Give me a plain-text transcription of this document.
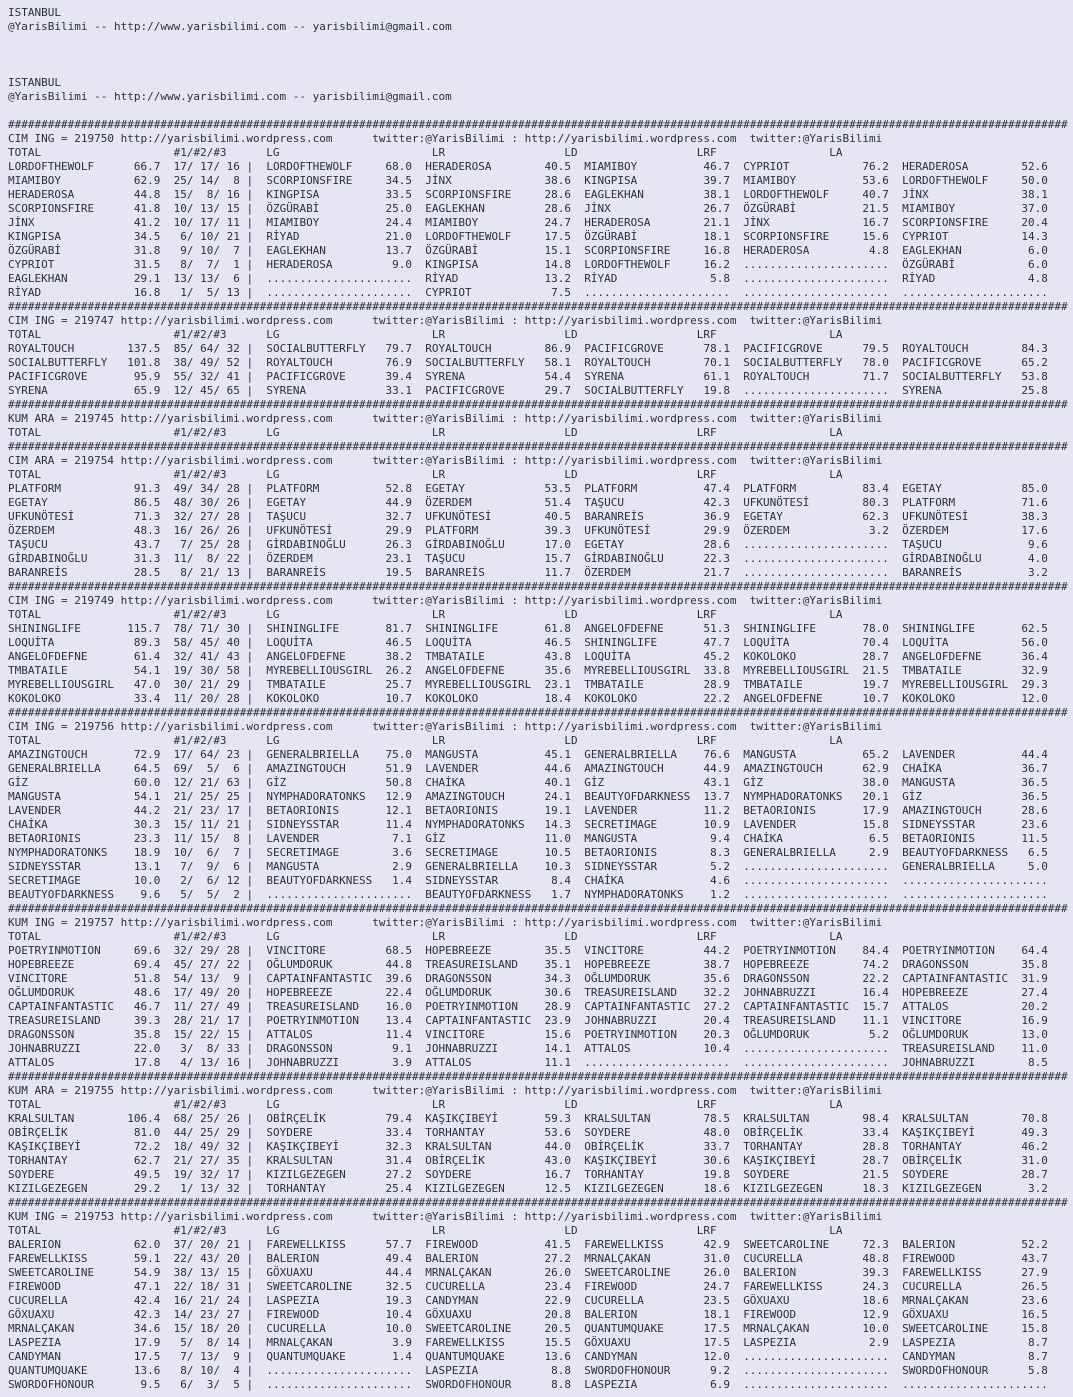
ISTANBUL
@YarisBilimi -- http://www.yarisbilimi.com -- yarisbilimi@gmail.com

ISTANBUL
@YarisBilimi -- http://www.yarisbilimi.com -- yarisbilimi@gmail.com

################################################################################################################################################################
CIM ING = 219750 http://yarisbilimi.wordpress.com      twitter:@YarisBilimi : http://yarisbilimi.wordpress.com  twitter:@YarisBilimi
TOTAL                    #1/#2/#3      LG                       LR                  LD                  LRF                 LA
LORDOFTHEWOLF      66.7  17/ 17/ 16 |  LORDOFTHEWOLF     68.0  HERADEROSA        40.5  MIAMIBOY          46.7  CYPRIOT           76.2  HERADEROSA        52.6
MIAMIBOY           62.9  25/ 14/  8 |  SCORPIONSFIRE     34.5  JİNX              38.6  KINGPISA          39.7  MIAMIBOY          53.6  LORDOFTHEWOLF     50.0
HERADEROSA         44.8  15/  8/ 16 |  KINGPISA          33.5  SCORPIONSFIRE     28.6  EAGLEKHAN         38.1  LORDOFTHEWOLF     40.7  JİNX              38.1
SCORPIONSFIRE      41.8  10/ 13/ 15 |  ÖZGÜRABİ          25.0  EAGLEKHAN         28.6  JİNX              26.7  ÖZGÜRABİ          21.5  MIAMIBOY          37.0
JİNX               41.2  10/ 17/ 11 |  MIAMIBOY          24.4  MIAMIBOY          24.7  HERADEROSA        21.1  JİNX              16.7  SCORPIONSFIRE     20.4
KINGPISA           34.5   6/ 10/ 21 |  RİYAD             21.0  LORDOFTHEWOLF     17.5  ÖZGÜRABİ          18.1  SCORPIONSFIRE     15.6  CYPRIOT           14.3
ÖZGÜRABİ           31.8   9/ 10/  7 |  EAGLEKHAN         13.7  ÖZGÜRABİ          15.1  SCORPIONSFIRE     16.8  HERADEROSA         4.8  EAGLEKHAN          6.0
CYPRIOT            31.5   8/  7/  1 |  HERADEROSA         9.0  KINGPISA          14.8  LORDOFTHEWOLF     16.2  ......................  ÖZGÜRABİ           6.0
EAGLEKHAN          29.1  13/ 13/  6 |  ......................  RİYAD             13.2  RİYAD              5.8  ......................  RİYAD              4.8
RİYAD              16.8   1/  5/ 13 |  ......................  CYPRIOT            7.5  ......................  ......................  ......................
################################################################################################################################################################
CIM ING = 219747 http://yarisbilimi.wordpress.com      twitter:@YarisBilimi : http://yarisbilimi.wordpress.com  twitter:@YarisBilimi
TOTAL                    #1/#2/#3      LG                       LR                  LD                  LRF                 LA
ROYALTOUCH        137.5  85/ 64/ 32 |  SOCIALBUTTERFLY   79.7  ROYALTOUCH        86.9  PACIFICGROVE      78.1  PACIFICGROVE      79.5  ROYALTOUCH        84.3
SOCIALBUTTERFLY   101.8  38/ 49/ 52 |  ROYALTOUCH        76.9  SOCIALBUTTERFLY   58.1  ROYALTOUCH        70.1  SOCIALBUTTERFLY   78.0  PACIFICGROVE      65.2
PACIFICGROVE       95.9  55/ 32/ 41 |  PACIFICGROVE      39.4  SYRENA            54.4  SYRENA            61.1  ROYALTOUCH        71.7  SOCIALBUTTERFLY   53.8
SYRENA             65.9  12/ 45/ 65 |  SYRENA            33.1  PACIFICGROVE      29.7  SOCIALBUTTERFLY   19.8  ......................  SYRENA            25.8
################################################################################################################################################################
KUM ARA = 219745 http://yarisbilimi.wordpress.com      twitter:@YarisBilimi : http://yarisbilimi.wordpress.com  twitter:@YarisBilimi
TOTAL                    #1/#2/#3      LG                       LR                  LD                  LRF                 LA
################################################################################################################################################################
CIM ARA = 219754 http://yarisbilimi.wordpress.com      twitter:@YarisBilimi : http://yarisbilimi.wordpress.com  twitter:@YarisBilimi
TOTAL                    #1/#2/#3      LG                       LR                  LD                  LRF                 LA
PLATFORM           91.3  49/ 34/ 28 |  PLATFORM          52.8  EGETAY            53.5  PLATFORM          47.4  PLATFORM          83.4  EGETAY            85.0
EGETAY             86.5  48/ 30/ 26 |  EGETAY            44.9  ÖZERDEM           51.4  TAŞUCU            42.3  UFKUNÖTESİ        80.3  PLATFORM          71.6
UFKUNÖTESİ         71.3  32/ 27/ 28 |  TAŞUCU            32.7  UFKUNÖTESİ        40.5  BARANREİS         36.9  EGETAY            62.3  UFKUNÖTESİ        38.3
ÖZERDEM            48.3  16/ 26/ 26 |  UFKUNÖTESİ        29.9  PLATFORM          39.3  UFKUNÖTESİ        29.9  ÖZERDEM            3.2  ÖZERDEM           17.6
TAŞUCU             43.7   7/ 25/ 28 |  GİRDABINOĞLU      26.3  GİRDABINOĞLU      17.0  EGETAY            28.6  ......................  TAŞUCU             9.6
GİRDABINOĞLU       31.3  11/  8/ 22 |  ÖZERDEM           23.1  TAŞUCU            15.7  GİRDABINOĞLU      22.3  ......................  GİRDABINOĞLU       4.0
BARANREİS          28.5   8/ 21/ 13 |  BARANREİS         19.5  BARANREİS         11.7  ÖZERDEM           21.7  ......................  BARANREİS          3.2
################################################################################################################################################################
CIM ING = 219749 http://yarisbilimi.wordpress.com      twitter:@YarisBilimi : http://yarisbilimi.wordpress.com  twitter:@YarisBilimi
TOTAL                    #1/#2/#3      LG                       LR                  LD                  LRF                 LA
SHININGLIFE       115.7  78/ 71/ 30 |  SHININGLIFE       81.7  SHININGLIFE       61.8  ANGELOFDEFNE      51.3  SHININGLIFE       78.0  SHININGLIFE       62.5
LOQUİTA            89.3  58/ 45/ 40 |  LOQUİTA           46.5  LOQUİTA           46.5  SHININGLIFE       47.7  LOQUİTA           70.4  LOQUİTA           56.0
ANGELOFDEFNE       61.4  32/ 41/ 43 |  ANGELOFDEFNE      38.2  TMBATAILE         43.8  LOQUİTA           45.2  KOKOLOKO          28.7  ANGELOFDEFNE      36.4
TMBATAILE          54.1  19/ 30/ 58 |  MYREBELLIOUSGIRL  26.2  ANGELOFDEFNE      35.6  MYREBELLIOUSGIRL  33.8  MYREBELLIOUSGIRL  21.5  TMBATAILE         32.9
MYREBELLIOUSGIRL   47.0  30/ 21/ 29 |  TMBATAILE         25.7  MYREBELLIOUSGIRL  23.1  TMBATAILE         28.9  TMBATAILE         19.7  MYREBELLIOUSGIRL  29.3
KOKOLOKO           33.4  11/ 20/ 28 |  KOKOLOKO          10.7  KOKOLOKO          18.4  KOKOLOKO          22.2  ANGELOFDEFNE      10.7  KOKOLOKO          12.0
################################################################################################################################################################
CIM ING = 219756 http://yarisbilimi.wordpress.com      twitter:@YarisBilimi : http://yarisbilimi.wordpress.com  twitter:@YarisBilimi
TOTAL                    #1/#2/#3      LG                       LR                  LD                  LRF                 LA
AMAZINGTOUCH       72.9  17/ 64/ 23 |  GENERALBRIELLA    75.0  MANGUSTA          45.1  GENERALBRIELLA    76.6  MANGUSTA          65.2  LAVENDER          44.4
GENERALBRIELLA     64.5  69/  5/  6 |  AMAZINGTOUCH      51.9  LAVENDER          44.6  AMAZINGTOUCH      44.9  AMAZINGTOUCH      62.9  CHAİKA            36.7
GİZ                60.0  12/ 21/ 63 |  GİZ               50.8  CHAİKA            40.1  GİZ               43.1  GİZ               38.0  MANGUSTA          36.5
MANGUSTA           54.1  21/ 25/ 25 |  NYMPHADORATONKS   12.9  AMAZINGTOUCH      24.1  BEAUTYOFDARKNESS  13.7  NYMPHADORATONKS   20.1  GİZ               36.5
LAVENDER           44.2  21/ 23/ 17 |  BETAORIONIS       12.1  BETAORIONIS       19.1  LAVENDER          11.2  BETAORIONIS       17.9  AMAZINGTOUCH      28.6
CHAİKA             30.3  15/ 11/ 21 |  SIDNEYSSTAR       11.4  NYMPHADORATONKS   14.3  SECRETIMAGE       10.9  LAVENDER          15.8  SIDNEYSSTAR       23.6
BETAORIONIS        23.3  11/ 15/  8 |  LAVENDER           7.1  GİZ               11.0  MANGUSTA           9.4  CHAİKA             6.5  BETAORIONIS       11.5
NYMPHADORATONKS    18.9  10/  6/  7 |  SECRETIMAGE        3.6  SECRETIMAGE       10.5  BETAORIONIS        8.3  GENERALBRIELLA     2.9  BEAUTYOFDARKNESS   6.5
SIDNEYSSTAR        13.1   7/  9/  6 |  MANGUSTA           2.9  GENERALBRIELLA    10.3  SIDNEYSSTAR        5.2  ......................  GENERALBRIELLA     5.0
SECRETIMAGE        10.0   2/  6/ 12 |  BEAUTYOFDARKNESS   1.4  SIDNEYSSTAR        8.4  CHAİKA             4.6  ......................  ......................
BEAUTYOFDARKNESS    9.6   5/  5/  2 |  ......................  BEAUTYOFDARKNESS   1.7  NYMPHADORATONKS    1.2  ......................  ......................
################################################################################################################################################################
KUM ING = 219757 http://yarisbilimi.wordpress.com      twitter:@YarisBilimi : http://yarisbilimi.wordpress.com  twitter:@YarisBilimi
TOTAL                    #1/#2/#3      LG                       LR                  LD                  LRF                 LA
POETRYINMOTION     69.6  32/ 29/ 28 |  VINCITORE         68.5  HOPEBREEZE        35.5  VINCITORE         44.2  POETRYINMOTION    84.4  POETRYINMOTION    64.4
HOPEBREEZE         69.4  45/ 27/ 22 |  OĞLUMDORUK        44.8  TREASUREISLAND    35.1  HOPEBREEZE        38.7  HOPEBREEZE        74.2  DRAGONSSON        35.8
VINCITORE          51.8  54/ 13/  9 |  CAPTAINFANTASTIC  39.6  DRAGONSSON        34.3  OĞLUMDORUK        35.6  DRAGONSSON        22.2  CAPTAINFANTASTIC  31.9
OĞLUMDORUK         48.6  17/ 49/ 20 |  HOPEBREEZE        22.4  OĞLUMDORUK        30.6  TREASUREISLAND    32.2  JOHNABRUZZI       16.4  HOPEBREEZE        27.4
CAPTAINFANTASTIC   46.7  11/ 27/ 49 |  TREASUREISLAND    16.0  POETRYINMOTION    28.9  CAPTAINFANTASTIC  27.2  CAPTAINFANTASTIC  15.7  ATTALOS           20.2
TREASUREISLAND     39.3  28/ 21/ 17 |  POETRYINMOTION    13.4  CAPTAINFANTASTIC  23.9  JOHNABRUZZI       20.4  TREASUREISLAND    11.1  VINCITORE         16.9
DRAGONSSON         35.8  15/ 22/ 15 |  ATTALOS           11.4  VINCITORE         15.6  POETRYINMOTION    20.3  OĞLUMDORUK         5.2  OĞLUMDORUK        13.0
JOHNABRUZZI        22.0   3/  8/ 33 |  DRAGONSSON         9.1  JOHNABRUZZI       14.1  ATTALOS           10.4  ......................  TREASUREISLAND    11.0
ATTALOS            17.8   4/ 13/ 16 |  JOHNABRUZZI        3.9  ATTALOS           11.1  ......................  ......................  JOHNABRUZZI        8.5
################################################################################################################################################################
KUM ARA = 219755 http://yarisbilimi.wordpress.com      twitter:@YarisBilimi : http://yarisbilimi.wordpress.com  twitter:@YarisBilimi
TOTAL                    #1/#2/#3      LG                       LR                  LD                  LRF                 LA
KRALSULTAN        106.4  68/ 25/ 26 |  OBİRÇELİK         79.4  KAŞIKÇIBEYİ       59.3  KRALSULTAN        78.5  KRALSULTAN        98.4  KRALSULTAN        70.8
OBİRÇELİK          81.0  44/ 25/ 29 |  SOYDERE           33.4  TORHANTAY         53.6  SOYDERE           48.0  OBİRÇELİK         33.4  KAŞIKÇIBEYİ       49.3
KAŞIKÇIBEYİ        72.2  18/ 49/ 32 |  KAŞIKÇIBEYİ       32.3  KRALSULTAN        44.0  OBİRÇELİK         33.7  TORHANTAY         28.8  TORHANTAY         46.2
TORHANTAY          62.7  21/ 27/ 35 |  KRALSULTAN        31.4  OBİRÇELİK         43.0  KAŞIKÇIBEYİ       30.6  KAŞIKÇIBEYİ       28.7  OBİRÇELİK         31.0
SOYDERE            49.5  19/ 32/ 17 |  KIZILGEZEGEN      27.2  SOYDERE           16.7  TORHANTAY         19.8  SOYDERE           21.5  SOYDERE           28.7
KIZILGEZEGEN       29.2   1/ 13/ 32 |  TORHANTAY         25.4  KIZILGEZEGEN      12.5  KIZILGEZEGEN      18.6  KIZILGEZEGEN      18.3  KIZILGEZEGEN       3.2
################################################################################################################################################################
KUM ING = 219753 http://yarisbilimi.wordpress.com      twitter:@YarisBilimi : http://yarisbilimi.wordpress.com  twitter:@YarisBilimi
TOTAL                    #1/#2/#3      LG                       LR                  LD                  LRF                 LA
BALERION           62.0  37/ 20/ 21 |  FAREWELLKISS      57.7  FIREWOOD          41.5  FAREWELLKISS      42.9  SWEETCAROLINE     72.3  BALERION          52.2
FAREWELLKISS       59.1  22/ 43/ 20 |  BALERION          49.4  BALERION          27.2  MRNALÇAKAN        31.0  CUCURELLA         48.8  FIREWOOD          43.7
SWEETCAROLINE      54.9  38/ 13/ 15 |  GÖXUAXU           44.4  MRNALÇAKAN        26.0  SWEETCAROLINE     26.0  BALERION          39.3  FAREWELLKISS      27.9
FIREWOOD           47.1  22/ 18/ 31 |  SWEETCAROLINE     32.5  CUCURELLA         23.4  FIREWOOD          24.7  FAREWELLKISS      24.3  CUCURELLA         26.5
CUCURELLA          42.4  16/ 21/ 24 |  LASPEZIA          19.3  CANDYMAN          22.9  CUCURELLA         23.5  GÖXUAXU           18.6  MRNALÇAKAN        23.6
GÖXUAXU            42.3  14/ 23/ 27 |  FIREWOOD          10.4  GÖXUAXU           20.8  BALERION          18.1  FIREWOOD          12.9  GÖXUAXU           16.5
MRNALÇAKAN         34.6  15/ 18/ 20 |  CUCURELLA         10.0  SWEETCAROLINE     20.5  QUANTUMQUAKE      17.5  MRNALÇAKAN        10.0  SWEETCAROLINE     15.8
LASPEZIA           17.9   5/  8/ 14 |  MRNALÇAKAN         3.9  FAREWELLKISS      15.5  GÖXUAXU           17.5  LASPEZIA           2.9  LASPEZIA           8.7
CANDYMAN           17.5   7/ 13/  9 |  QUANTUMQUAKE       1.4  QUANTUMQUAKE      13.6  CANDYMAN          12.0  ......................  CANDYMAN           8.7
QUANTUMQUAKE       13.6   8/ 10/  4 |  ......................  LASPEZIA           8.8  SWORDOFHONOUR      9.2  ......................  SWORDOFHONOUR      5.8
SWORDOFHONOUR       9.5   6/  3/  5 |  ......................  SWORDOFHONOUR      8.8  LASPEZIA           6.9  ......................  ......................
